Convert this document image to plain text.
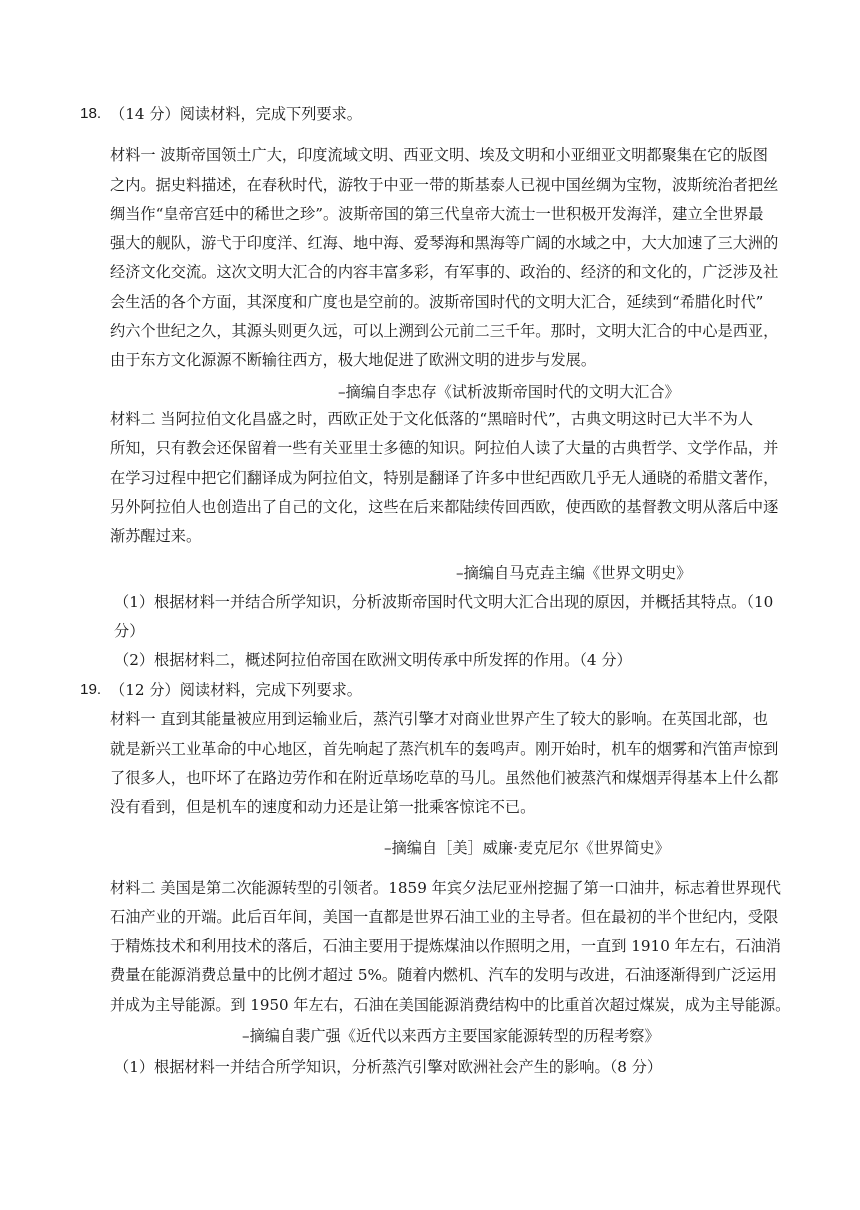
18. （14 分）阅读材料，完成下列要求。
材料一 波斯帝国领土广大，印度流域文明、西亚文明、埃及文明和小亚细亚文明都聚集在它的版图
之内。据史料描述，在春秋时代，游牧于中亚一带的斯基泰人已视中国丝绸为宝物，波斯统治者把丝
绸当作“皇帝宫廷中的稀世之珍”。波斯帝国的第三代皇帝大流士一世积极开发海洋，建立全世界最
强大的舰队，游弋于印度洋、红海、地中海、爱琴海和黑海等广阔的水域之中，大大加速了三大洲的
经济文化交流。这次文明大汇合的内容丰富多彩，有军事的、政治的、经济的和文化的，广泛涉及社
会生活的各个方面，其深度和广度也是空前的。波斯帝国时代的文明大汇合，延续到“希腊化时代”
约六个世纪之久，其源头则更久远，可以上溯到公元前二三千年。那时，文明大汇合的中心是西亚，
由于东方文化源源不断输往西方，极大地促进了欧洲文明的进步与发展。
–摘编自李忠存《试析波斯帝国时代的文明大汇合》
材料二 当阿拉伯文化昌盛之时，西欧正处于文化低落的“黑暗时代”，古典文明这时已大半不为人
所知，只有教会还保留着一些有关亚里士多德的知识。阿拉伯人读了大量的古典哲学、文学作品，并
在学习过程中把它们翻译成为阿拉伯文，特别是翻译了许多中世纪西欧几乎无人通晓的希腊文著作，
另外阿拉伯人也创造出了自己的文化，这些在后来都陆续传回西欧，使西欧的基督教文明从落后中逐
渐苏醒过来。
–摘编自马克垚主编《世界文明史》
（1）根据材料一并结合所学知识，分析波斯帝国时代文明大汇合出现的原因，并概括其特点。（10
分）
（2）根据材料二，概述阿拉伯帝国在欧洲文明传承中所发挥的作用。（4 分）
19. （12 分）阅读材料，完成下列要求。
材料一 直到其能量被应用到运输业后，蒸汽引擎才对商业世界产生了较大的影响。在英国北部，也
就是新兴工业革命的中心地区，首先响起了蒸汽机车的轰鸣声。刚开始时，机车的烟雾和汽笛声惊到
了很多人，也吓坏了在路边劳作和在附近草场吃草的马儿。虽然他们被蒸汽和煤烟弄得基本上什么都
没有看到，但是机车的速度和动力还是让第一批乘客惊诧不已。
–摘编自［美］威廉·麦克尼尔《世界简史》
材料二 美国是第二次能源转型的引领者。1859 年宾夕法尼亚州挖掘了第一口油井，标志着世界现代
石油产业的开端。此后百年间，美国一直都是世界石油工业的主导者。但在最初的半个世纪内，受限
于精炼技术和利用技术的落后，石油主要用于提炼煤油以作照明之用，一直到 1910 年左右，石油消
费量在能源消费总量中的比例才超过 5%。随着内燃机、汽车的发明与改进，石油逐渐得到广泛运用
并成为主导能源。到 1950 年左右，石油在美国能源消费结构中的比重首次超过煤炭，成为主导能源。
–摘编自裴广强《近代以来西方主要国家能源转型的历程考察》
（1）根据材料一并结合所学知识，分析蒸汽引擎对欧洲社会产生的影响。（8 分）
